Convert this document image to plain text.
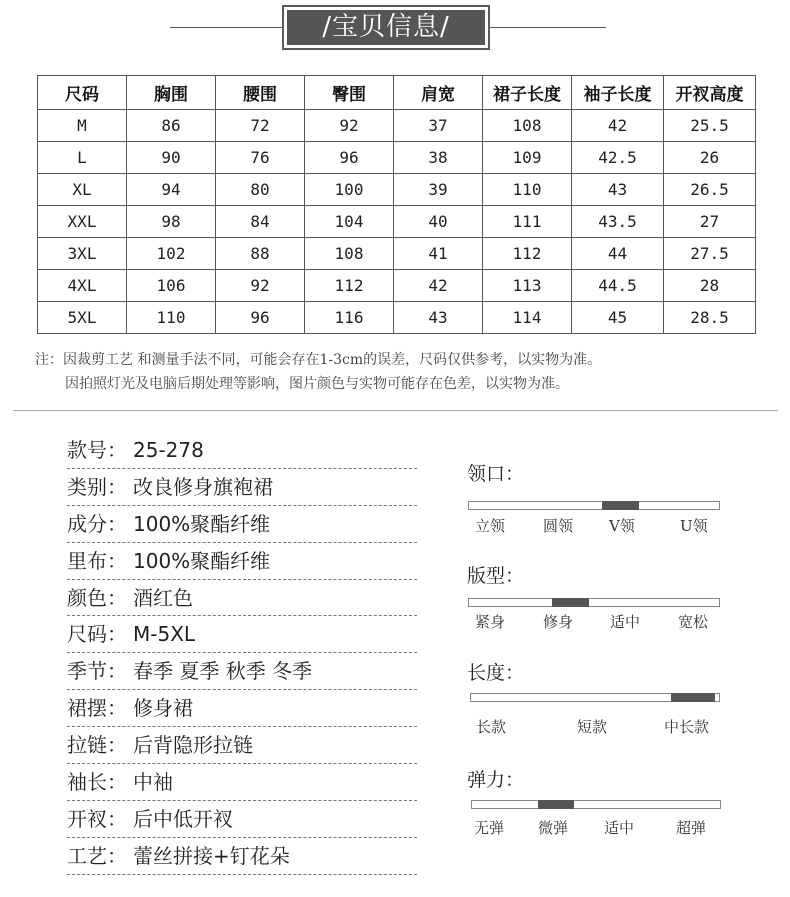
/宝贝信息/
尺码	胸围	腰围	臀围	肩宽	裙子长度	袖子长度	开衩高度
M	86	72	92	37	108	42	25.5
L	90	76	96	38	109	42.5	26
XL	94	80	100	39	110	43	26.5
XXL	98	84	104	40	111	43.5	27
3XL	102	88	108	41	112	44	27.5
4XL	106	92	112	42	113	44.5	28
5XL	110	96	116	43	114	45	28.5
注：因裁剪工艺 和测量手法不同，可能会存在1-3cm的误差，尺码仅供参考，以实物为准。
因拍照灯光及电脑后期处理等影响，图片颜色与实物可能存在色差，以实物为准。
款号： 25-278
类别： 改良修身旗袍裙
成分： 100%聚酯纤维
里布： 100%聚酯纤维
颜色： 酒红色
尺码： M-5XL
季节： 春季 夏季 秋季 冬季
裙摆： 修身裙
拉链： 后背隐形拉链
袖长： 中袖
开衩： 后中低开衩
工艺： 蕾丝拼接+钉花朵
领口：
立领	圆领 V领	U领
版型：
紧身	修身 适中	宽松
长度：
长款	短款	中长款
弹力：
无弹 微弹 适中	超弹
